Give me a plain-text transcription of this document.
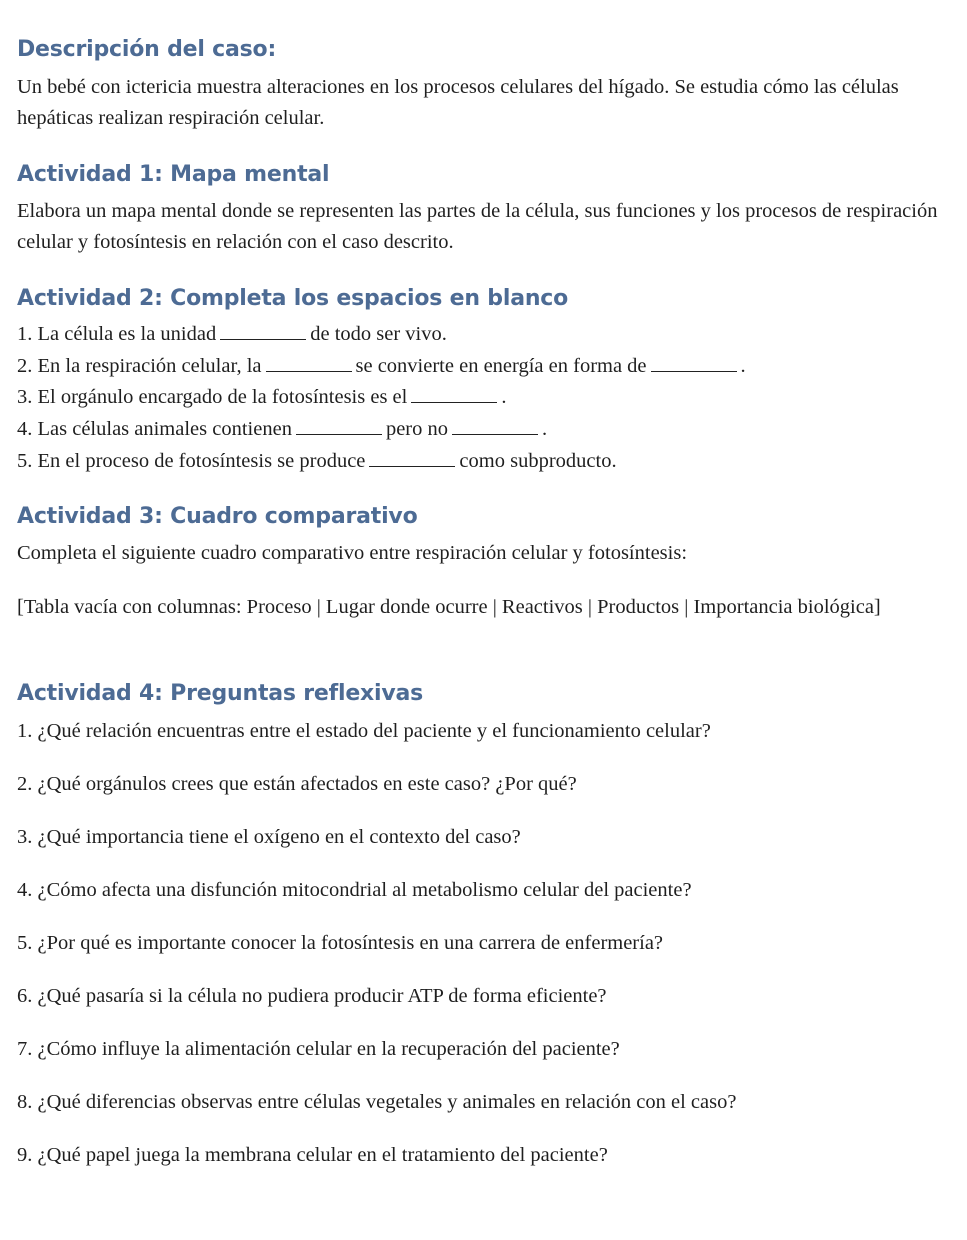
Descripción del caso:

Un bebé con ictericia muestra alteraciones en los procesos celulares del hígado. Se estudia cómo las células hepáticas realizan respiración celular.

Actividad 1: Mapa mental

Elabora un mapa mental donde se representen las partes de la célula, sus funciones y los procesos de respiración celular y fotosíntesis en relación con el caso descrito.

Actividad 2: Completa los espacios en blanco
1. La célula es la unidad	de todo ser vivo.
2. En la respiración celular, la	se convierte en energía en forma de	.
3. El orgánulo encargado de la fotosíntesis es el	.
4. Las células animales contienen	pero no	.
5. En el proceso de fotosíntesis se produce	como subproducto.
Actividad 3: Cuadro comparativo

Completa el siguiente cuadro comparativo entre respiración celular y fotosíntesis:

[Tabla vacía con columnas: Proceso | Lugar donde ocurre | Reactivos | Productos | Importancia biológica]

Actividad 4: Preguntas reflexivas
1. ¿Qué relación encuentras entre el estado del paciente y el funcionamiento celular?
2. ¿Qué orgánulos crees que están afectados en este caso? ¿Por qué?
3. ¿Qué importancia tiene el oxígeno en el contexto del caso?
4. ¿Cómo afecta una disfunción mitocondrial al metabolismo celular del paciente?
5. ¿Por qué es importante conocer la fotosíntesis en una carrera de enfermería?
6. ¿Qué pasaría si la célula no pudiera producir ATP de forma eficiente?
7. ¿Cómo influye la alimentación celular en la recuperación del paciente?
8. ¿Qué diferencias observas entre células vegetales y animales en relación con el caso?
9. ¿Qué papel juega la membrana celular en el tratamiento del paciente?
